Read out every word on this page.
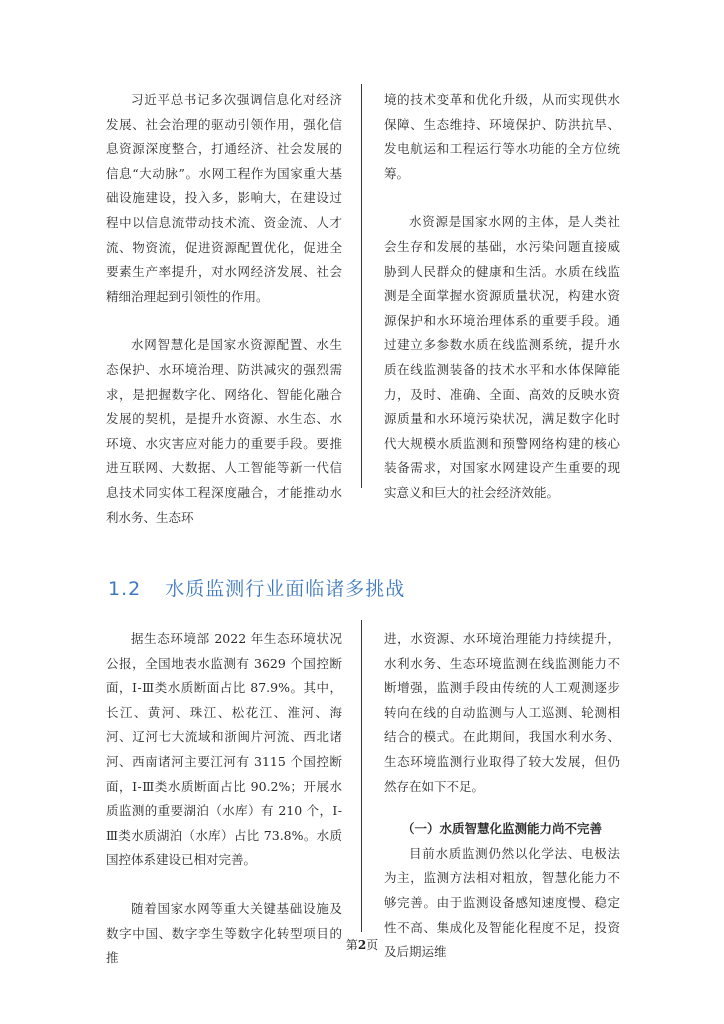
习近平总书记多次强调信息化对经济发展、社会治理的驱动引领作用，强化信息资源深度整合，打通经济、社会发展的信息“大动脉”。水网工程作为国家重大基础设施建设，投入多，影响大，在建设过程中以信息流带动技术流、资金流、人才流、物资流，促进资源配置优化，促进全要素生产率提升，对水网经济发展、社会精细治理起到引领性的作用。

水网智慧化是国家水资源配置、水生态保护、水环境治理、防洪减灾的强烈需求，是把握数字化、网络化、智能化融合发展的契机，是提升水资源、水生态、水环境、水灾害应对能力的重要手段。要推进互联网、大数据、人工智能等新一代信息技术同实体工程深度融合，才能推动水利水务、生态环

境的技术变革和优化升级，从而实现供水保障、生态维持、环境保护、防洪抗旱、发电航运和工程运行等水功能的全方位统筹。

水资源是国家水网的主体，是人类社会生存和发展的基础，水污染问题直接威胁到人民群众的健康和生活。水质在线监测是全面掌握水资源质量状况，构建水资源保护和水环境治理体系的重要手段。通过建立多参数水质在线监测系统，提升水质在线监测装备的技术水平和水体保障能力，及时、准确、全面、高效的反映水资源质量和水环境污染状况，满足数字化时代大规模水质监测和预警网络构建的核心装备需求，对国家水网建设产生重要的现实意义和巨大的社会经济效能。

1.2 水质监测行业面临诸多挑战

据生态环境部 2022 年生态环境状况公报，全国地表水监测有 3629 个国控断面，Ⅰ-Ⅲ类水质断面占比 87.9%。其中，长江、黄河、珠江、松花江、淮河、海河、辽河七大流域和浙闽片河流、西北诸河、西南诸河主要江河有 3115 个国控断面，Ⅰ-Ⅲ类水质断面占比 90.2%；开展水质监测的重要湖泊（水库）有 210 个，Ⅰ-Ⅲ类水质湖泊（水库）占比 73.8%。水质国控体系建设已相对完善。

随着国家水网等重大关键基础设施及数字中国、数字孪生等数字化转型项目的推

进，水资源、水环境治理能力持续提升，水利水务、生态环境监测在线监测能力不断增强，监测手段由传统的人工观测逐步转向在线的自动监测与人工巡测、轮测相结合的模式。在此期间，我国水利水务、生态环境监测行业取得了较大发展，但仍然存在如下不足。

（一）水质智慧化监测能力尚不完善

目前水质监测仍然以化学法、电极法为主，监测方法相对粗放，智慧化能力不够完善。由于监测设备感知速度慢、稳定性不高、集成化及智能化程度不足，投资及后期运维

第2页
